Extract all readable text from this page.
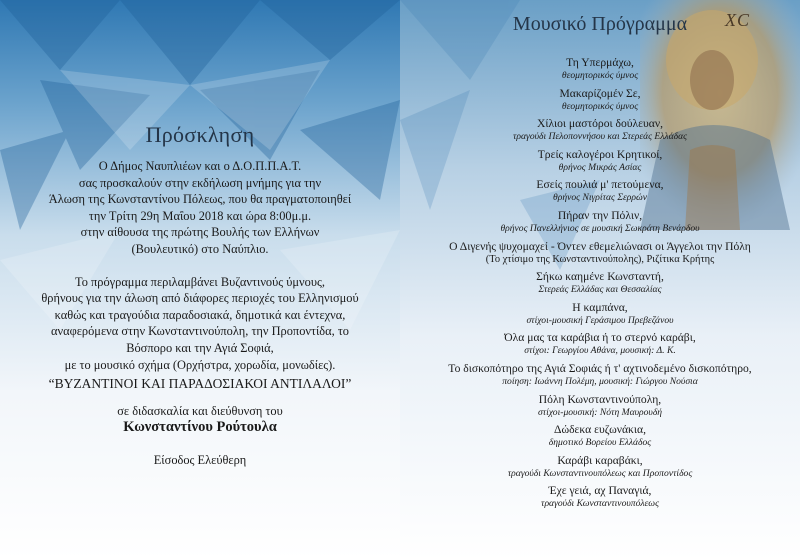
Πρόσκληση

Ο Δήμος Ναυπλιέων και ο Δ.Ο.Π.Π.Α.Τ.

σας προσκαλούν στην εκδήλωση μνήμης για την

Άλωση της Κωνσταντίνου Πόλεως, που θα πραγματοποιηθεί

την Τρίτη 29η Μαΐου 2018 και ώρα 8:00μ.μ.

στην αίθουσα της πρώτης Βουλής των Ελλήνων

(Βουλευτικό) στο Ναύπλιο.

Το πρόγραμμα περιλαμβάνει Βυζαντινούς ύμνους,

θρήνους για την άλωση από διάφορες περιοχές του Ελληνισμού

καθώς και τραγούδια παραδοσιακά, δημοτικά και έντεχνα,

αναφερόμενα στην Κωνσταντινούπολη, την Προποντίδα, το

Βόσπορο και την Αγιά Σοφιά,

με το μουσικό σχήμα (Ορχήστρα, χορωδία, μονωδίες).

“ΒΥΖΑΝΤΙΝΟΙ ΚΑΙ ΠΑΡΑΔΟΣΙΑΚΟΙ ΑΝΤΙΛΑΛΟΙ”

σε διδασκαλία και διεύθυνση του

Κωνσταντίνου Ρούτουλα

Είσοδος Ελεύθερη

Μουσικό Πρόγραμμα	ΧC
Τη Υπερμάχω,
θεομητορικός ύμνος
Μακαρίζομέν Σε,
θεομητορικός ύμνος
Χίλιοι μαστόροι δούλευαν,
τραγούδι Πελοποννήσου και Στερεάς Ελλάδας
Τρείς καλογέροι Κρητικοί,
θρήνος Μικράς Ασίας
Εσείς πουλιά μ' πετούμενα,
θρήνος Νιγρίτας Σερρών
Πήραν την Πόλιν,
θρήνος Πανελλήνιος σε μουσική Σωκράτη Βενάρδου
Ο Διγενής ψυχομαχεί - Όντεν εθεμελιώνασι οι Άγγελοι την Πόλη
(Το χτίσιμο της Κωνσταντινούπολης), Ριζίτικα Κρήτης
Σήκω καημένε Κωνσταντή,
Στερεάς Ελλάδας και Θεσσαλίας
Η καμπάνα,
στίχοι-μουσική Γεράσιμου Πρεβεζάνου
Όλα μας τα καράβια ή το στερνό καράβι,
στίχοι: Γεωργίου Αθάνα, μουσική: Δ. Κ.
Το δισκοπότηρο της Αγιά Σοφιάς ή τ' αχτινοδεμένο δισκοπότηρο,
ποίηση: Ιωάννη Πολέμη, μουσική: Γιώργου Νούσια
Πόλη Κωνσταντινούπολη,
στίχοι-μουσική: Νότη Μαυρουδή
Δώδεκα ευζωνάκια,
δημοτικό Βορείου Ελλάδος
Καράβι καραβάκι,
τραγούδι Κωνσταντινουπόλεως και Προποντίδος
Έχε γειά, αχ Παναγιά,
τραγούδι Κωνσταντινουπόλεως
